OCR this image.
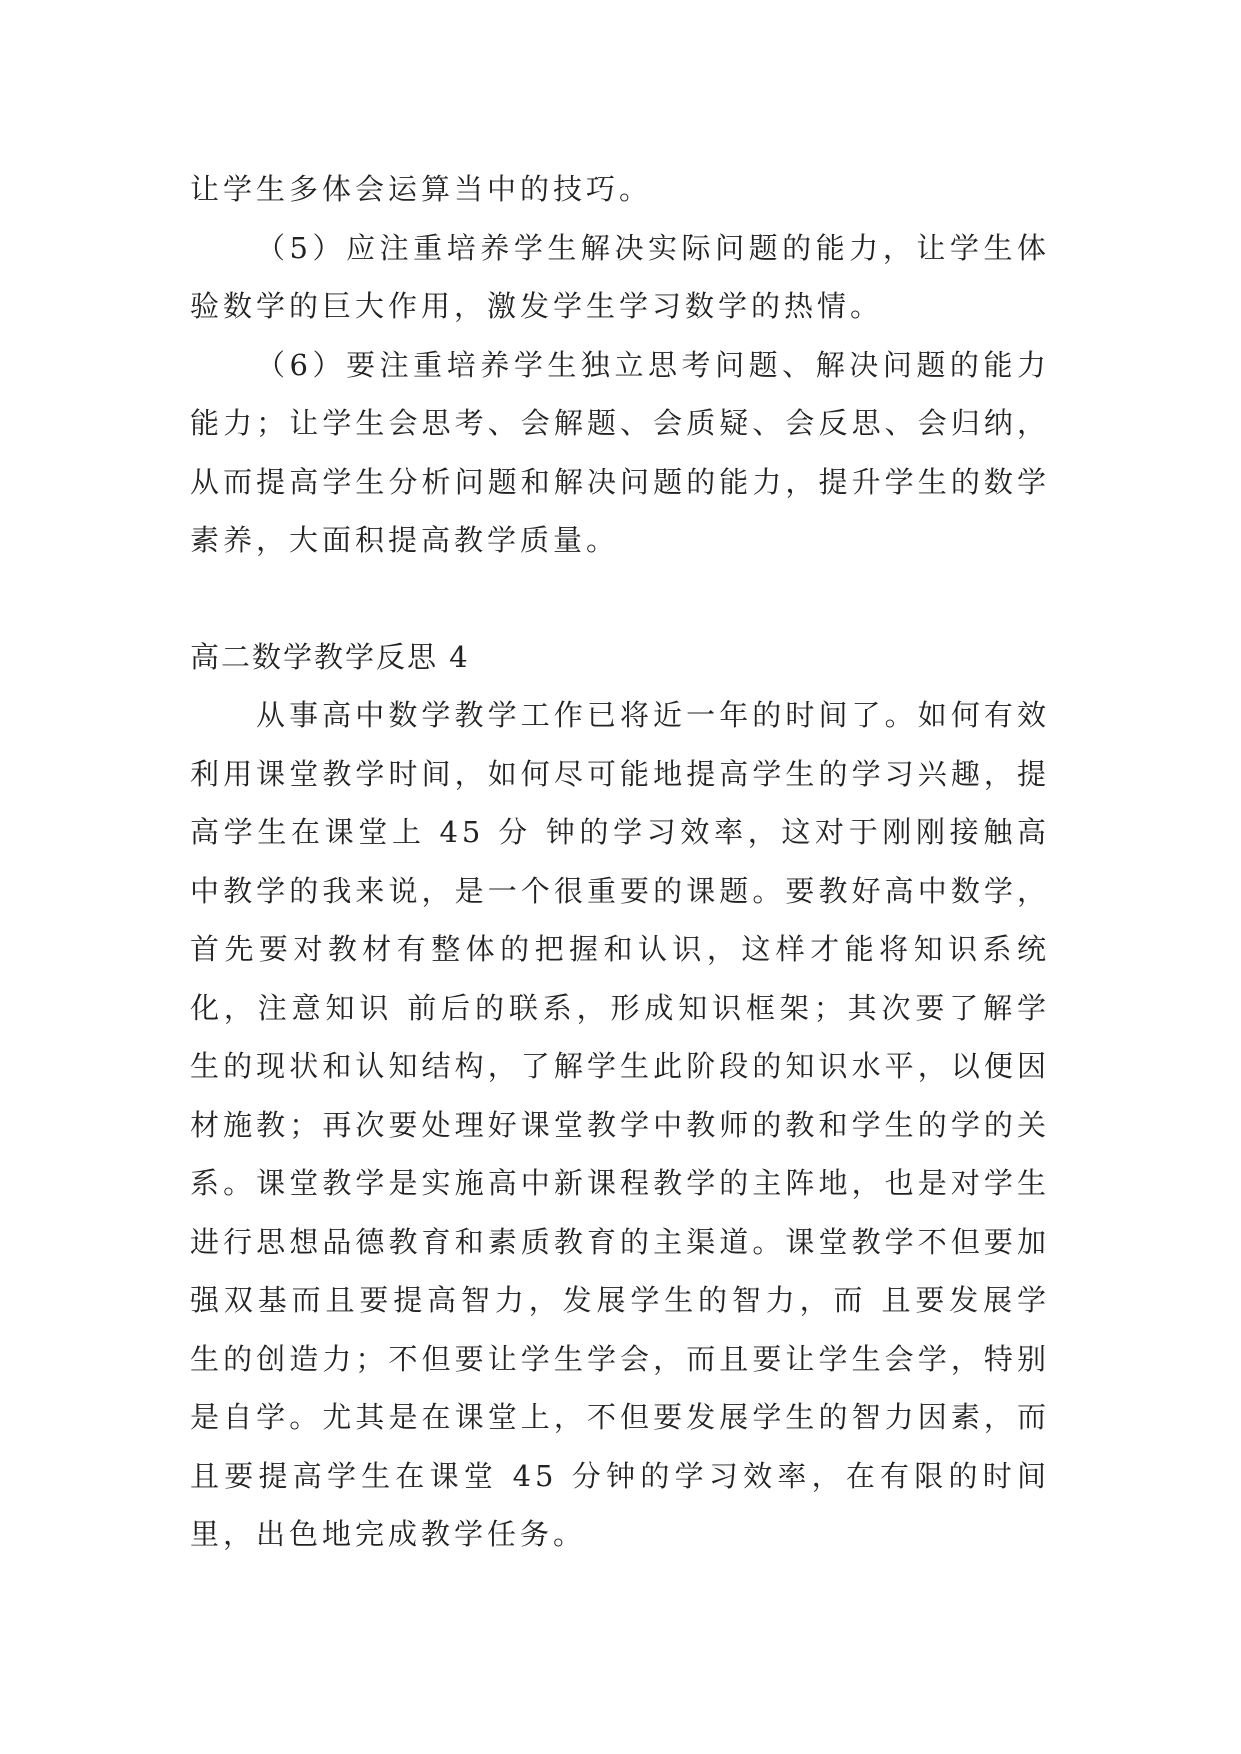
让学生多体会运算当中的技巧。

（5）应注重培养学生解决实际问题的能力，让学生体验数学的巨大作用，激发学生学习数学的热情。

（6）要注重培养学生独立思考问题、解决问题的能力能力；让学生会思考、会解题、会质疑、会反思、会归纳，从而提高学生分析问题和解决问题的能力，提升学生的数学素养，大面积提高教学质量。

高二数学教学反思 4

从事高中数学教学工作已将近一年的时间了。如何有效利用课堂教学时间，如何尽可能地提高学生的学习兴趣，提高学生在课堂上 45 分 钟的学习效率，这对于刚刚接触高中教学的我来说，是一个很重要的课题。要教好高中数学，首先要对教材有整体的把握和认识，这样才能将知识系统化，注意知识 前后的联系，形成知识框架；其次要了解学生的现状和认知结构，了解学生此阶段的知识水平，以便因材施教；再次要处理好课堂教学中教师的教和学生的学的关 系。课堂教学是实施高中新课程教学的主阵地，也是对学生进行思想品德教育和素质教育的主渠道。课堂教学不但要加强双基而且要提高智力，发展学生的智力，而 且要发展学生的创造力；不但要让学生学会，而且要让学生会学，特别是自学。尤其是在课堂上，不但要发展学生的智力因素，而且要提高学生在课堂 45 分钟的学习效率，在有限的时间里，出色地完成教学任务。
